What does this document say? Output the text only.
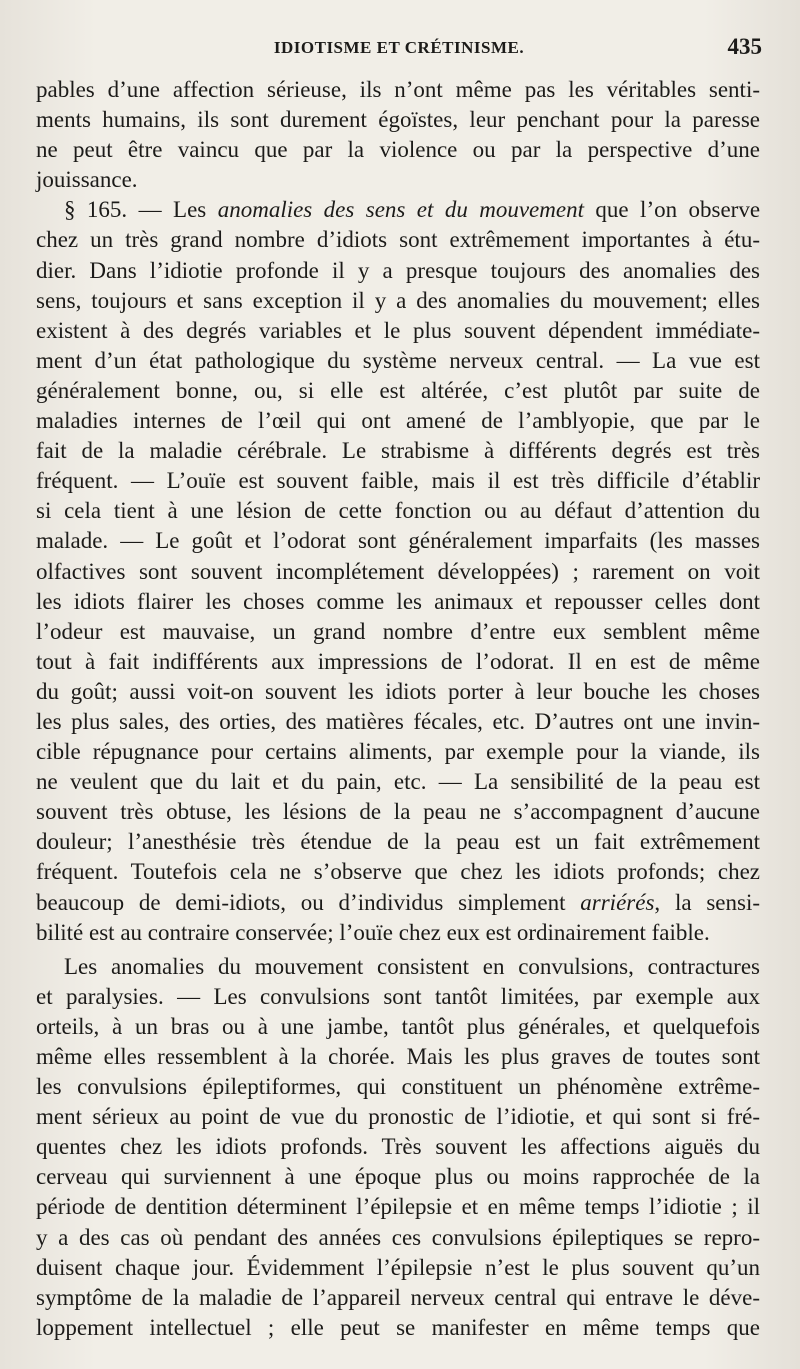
IDIOTISME ET CRÉTINISME.	435
pables d’une affection sérieuse, ils n’ont même pas les véritables senti-
ments humains, ils sont durement égoïstes, leur penchant pour la paresse
ne peut être vaincu que par la violence ou par la perspective d’une
jouissance.
§ 165. — Les anomalies des sens et du mouvement que l’on observe
chez un très grand nombre d’idiots sont extrêmement importantes à étu-
dier. Dans l’idiotie profonde il y a presque toujours des anomalies des
sens, toujours et sans exception il y a des anomalies du mouvement; elles
existent à des degrés variables et le plus souvent dépendent immédiate-
ment d’un état pathologique du système nerveux central. — La vue est
généralement bonne, ou, si elle est altérée, c’est plutôt par suite de
maladies internes de l’œil qui ont amené de l’amblyopie, que par le
fait de la maladie cérébrale. Le strabisme à différents degrés est très
fréquent. — L’ouïe est souvent faible, mais il est très difficile d’établir
si cela tient à une lésion de cette fonction ou au défaut d’attention du
malade. — Le goût et l’odorat sont généralement imparfaits (les masses
olfactives sont souvent incomplétement développées) ; rarement on voit
les idiots flairer les choses comme les animaux et repousser celles dont
l’odeur est mauvaise, un grand nombre d’entre eux semblent même
tout à fait indifférents aux impressions de l’odorat. Il en est de même
du goût; aussi voit-on souvent les idiots porter à leur bouche les choses
les plus sales, des orties, des matières fécales, etc. D’autres ont une invin-
cible répugnance pour certains aliments, par exemple pour la viande, ils
ne veulent que du lait et du pain, etc. — La sensibilité de la peau est
souvent très obtuse, les lésions de la peau ne s’accompagnent d’aucune
douleur; l’anesthésie très étendue de la peau est un fait extrêmement
fréquent. Toutefois cela ne s’observe que chez les idiots profonds; chez
beaucoup de demi-idiots, ou d’individus simplement arriérés, la sensi-
bilité est au contraire conservée; l’ouïe chez eux est ordinairement faible.
Les anomalies du mouvement consistent en convulsions, contractures
et paralysies. — Les convulsions sont tantôt limitées, par exemple aux
orteils, à un bras ou à une jambe, tantôt plus générales, et quelquefois
même elles ressemblent à la chorée. Mais les plus graves de toutes sont
les convulsions épileptiformes, qui constituent un phénomène extrême-
ment sérieux au point de vue du pronostic de l’idiotie, et qui sont si fré-
quentes chez les idiots profonds. Très souvent les affections aiguës du
cerveau qui surviennent à une époque plus ou moins rapprochée de la
période de dentition déterminent l’épilepsie et en même temps l’idiotie ; il
y a des cas où pendant des années ces convulsions épileptiques se repro-
duisent chaque jour. Évidemment l’épilepsie n’est le plus souvent qu’un
symptôme de la maladie de l’appareil nerveux central qui entrave le déve-
loppement intellectuel ; elle peut se manifester en même temps que
